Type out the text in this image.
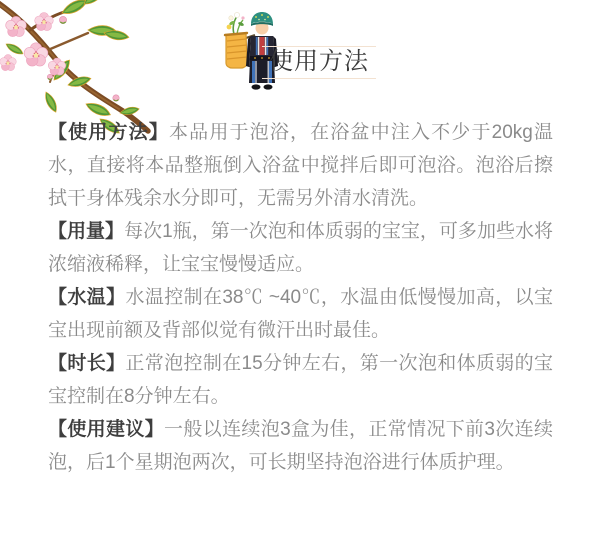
使用方法

【使用方法】本品用于泡浴，在浴盆中注入不少于20kg温水，直接将本品整瓶倒入浴盆中搅拌后即可泡浴。泡浴后擦拭干身体残余水分即可，无需另外清水清洗。

【用量】每次1瓶，第一次泡和体质弱的宝宝，可多加些水将浓缩液稀释，让宝宝慢慢适应。

【水温】水温控制在38℃ ~40℃，水温由低慢慢加高，以宝宝出现前额及背部似觉有微汗出时最佳。

【时长】正常泡控制在15分钟左右，第一次泡和体质弱的宝宝控制在8分钟左右。

【使用建议】一般以连续泡3盒为佳，正常情况下前3次连续泡，后1个星期泡两次，可长期坚持泡浴进行体质护理。
